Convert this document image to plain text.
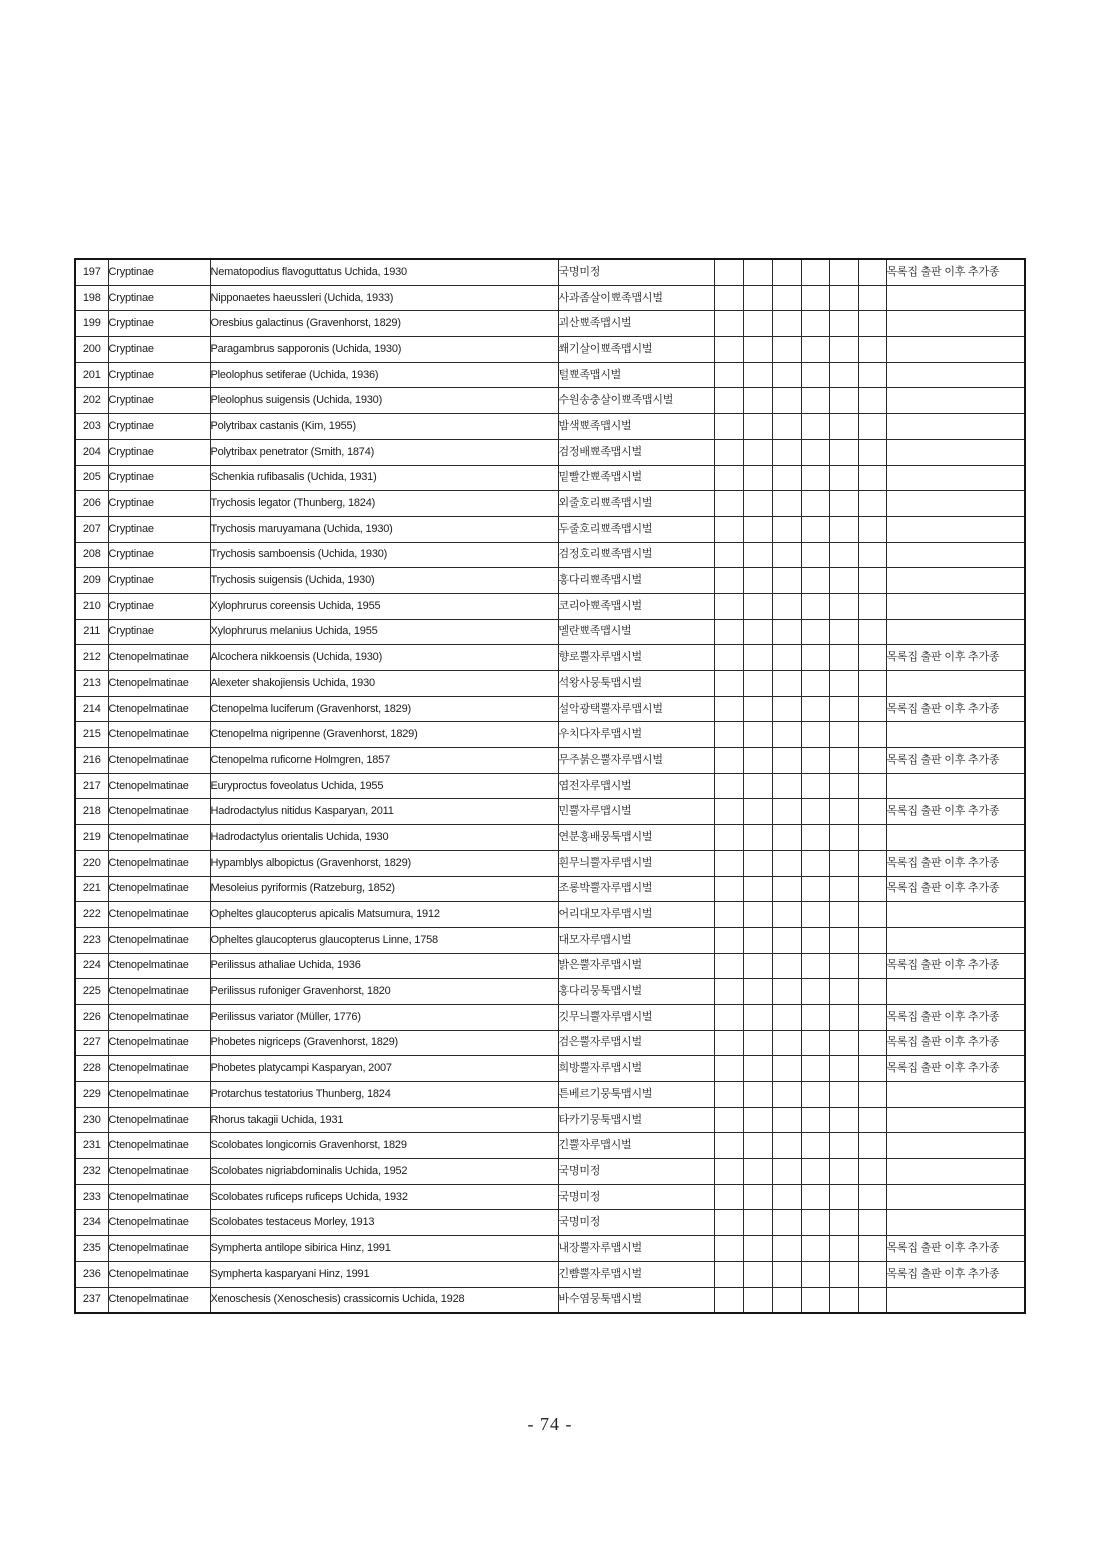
197	Cryptinae	Nematopodius flavoguttatus Uchida, 1930	국명미정							목록집 출판 이후 추가종
198	Cryptinae	Nipponaetes haeussleri (Uchida, 1933)	사과좀살이뾰족맵시벌							
199	Cryptinae	Oresbius galactinus (Gravenhorst, 1829)	괴산뾰족맵시벌							
200	Cryptinae	Paragambrus sapporonis (Uchida, 1930)	쐐기살이뾰족맵시벌							
201	Cryptinae	Pleolophus setiferae (Uchida, 1936)	털뾰족맵시벌							
202	Cryptinae	Pleolophus suigensis (Uchida, 1930)	수원송충살이뾰족맵시벌							
203	Cryptinae	Polytribax castanis (Kim, 1955)	밤색뾰족맵시벌							
204	Cryptinae	Polytribax penetrator (Smith, 1874)	검정배뾰족맵시벌							
205	Cryptinae	Schenkia rufibasalis (Uchida, 1931)	밑빨간뾰족맵시벌							
206	Cryptinae	Trychosis legator (Thunberg, 1824)	외줄호리뾰족맵시벌							
207	Cryptinae	Trychosis maruyamana (Uchida, 1930)	두줄호리뾰족맵시벌							
208	Cryptinae	Trychosis samboensis (Uchida, 1930)	검정호리뾰족맵시벌							
209	Cryptinae	Trychosis suigensis (Uchida, 1930)	홍다리뾰족맵시벌							
210	Cryptinae	Xylophrurus coreensis Uchida, 1955	코리아뾰족맵시벌							
211	Cryptinae	Xylophrurus melanius Uchida, 1955	멜란뾰족맵시벌							
212	Ctenopelmatinae	Alcochera nikkoensis (Uchida, 1930)	향로뿔자루맵시벌							목록집 출판 이후 추가종
213	Ctenopelmatinae	Alexeter shakojiensis Uchida, 1930	석왕사뭉툭맵시벌							
214	Ctenopelmatinae	Ctenopelma luciferum (Gravenhorst, 1829)	설악광택뿔자루맵시벌							목록집 출판 이후 추가종
215	Ctenopelmatinae	Ctenopelma nigripenne (Gravenhorst, 1829)	우치다자루맵시벌							
216	Ctenopelmatinae	Ctenopelma ruficorne Holmgren, 1857	무주붉은뿔자루맵시벌							목록집 출판 이후 추가종
217	Ctenopelmatinae	Euryproctus foveolatus Uchida, 1955	엽전자루맵시벌							
218	Ctenopelmatinae	Hadrodactylus nitidus Kasparyan, 2011	민뿔자루맵시벌							목록집 출판 이후 추가종
219	Ctenopelmatinae	Hadrodactylus orientalis Uchida, 1930	연분홍배뭉툭맵시벌							
220	Ctenopelmatinae	Hypamblys albopictus (Gravenhorst, 1829)	흰무늬뿔자루맵시벌							목록집 출판 이후 추가종
221	Ctenopelmatinae	Mesoleius pyriformis (Ratzeburg, 1852)	조롱박뿔자루맵시벌							목록집 출판 이후 추가종
222	Ctenopelmatinae	Opheltes glaucopterus apicalis Matsumura, 1912	어리대모자루맵시벌							
223	Ctenopelmatinae	Opheltes glaucopterus glaucopterus Linne, 1758	대모자루맵시벌							
224	Ctenopelmatinae	Perilissus athaliae Uchida, 1936	밝은뿔자루맵시벌							목록집 출판 이후 추가종
225	Ctenopelmatinae	Perilissus rufoniger Gravenhorst, 1820	홍다리뭉툭맵시벌							
226	Ctenopelmatinae	Perilissus variator (Müller, 1776)	깃무늬뿔자루맵시벌							목록집 출판 이후 추가종
227	Ctenopelmatinae	Phobetes nigriceps (Gravenhorst, 1829)	검은뿔자루맵시벌							목록집 출판 이후 추가종
228	Ctenopelmatinae	Phobetes platycampi Kasparyan, 2007	희방뿔자루맵시벌							목록집 출판 이후 추가종
229	Ctenopelmatinae	Protarchus testatorius Thunberg, 1824	튼베르기뭉툭맵시벌							
230	Ctenopelmatinae	Rhorus takagii Uchida, 1931	타카기뭉툭맵시벌							
231	Ctenopelmatinae	Scolobates longicornis Gravenhorst, 1829	긴뿔자루맵시벌							
232	Ctenopelmatinae	Scolobates nigriabdominalis Uchida, 1952	국명미정							
233	Ctenopelmatinae	Scolobates ruficeps ruficeps Uchida, 1932	국명미정							
234	Ctenopelmatinae	Scolobates testaceus Morley, 1913	국명미정							
235	Ctenopelmatinae	Sympherta antilope sibirica Hinz, 1991	내장뿔자루맵시벌							목록집 출판 이후 추가종
236	Ctenopelmatinae	Sympherta kasparyani Hinz, 1991	긴뺨뿔자루맵시벌							목록집 출판 이후 추가종
237	Ctenopelmatinae	Xenoschesis (Xenoschesis) crassicornis Uchida, 1928	바수염뭉툭맵시벌							
- 74 -
